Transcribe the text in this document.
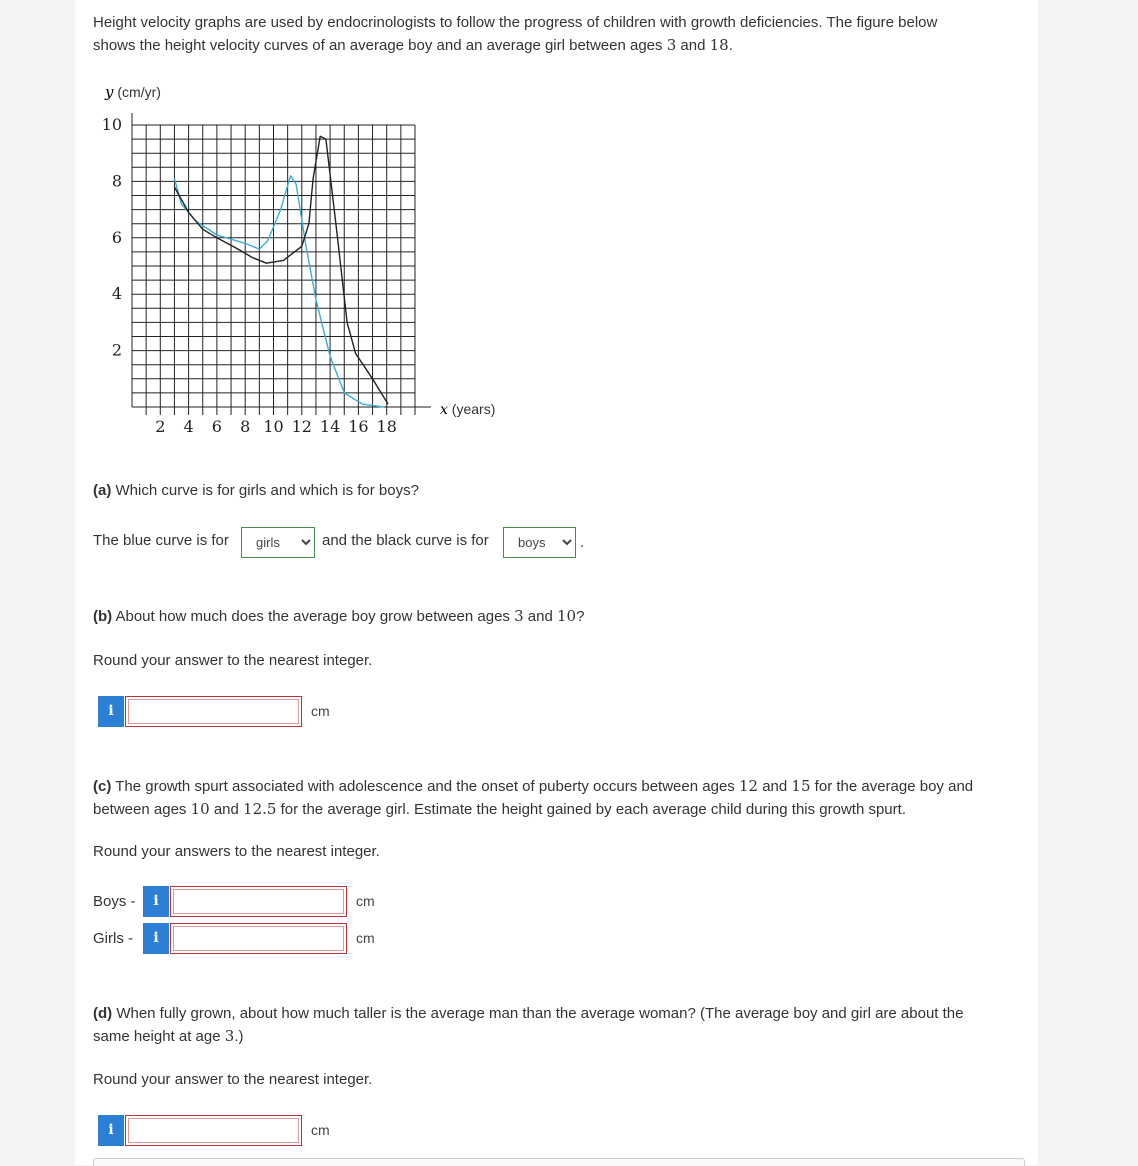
Height velocity graphs are used by endocrinologists to follow the progress of children with growth deficiencies. The figure below
shows the height velocity curves of an average boy and an average girl between ages 3 and 18.
y (cm/yr)
2
4
6
8
10
2 4 6 8 10 12 14 16 18
x (years)
(a) Which curve is for girls and which is for boys?
The blue curve is for
girls	and the black curve is for
boys	.
(b) About how much does the average boy grow between ages 3 and 10?
Round your answer to the nearest integer.
i	cm
(c) The growth spurt associated with adolescence and the onset of puberty occurs between ages 12 and 15 for the average boy and
between ages 10 and 12.5 for the average girl. Estimate the height gained by each average child during this growth spurt.
Round your answers to the nearest integer.
Boys -	i	cm
Girls -	i	cm
(d) When fully grown, about how much taller is the average man than the average woman? (The average boy and girl are about the
same height at age 3.)
Round your answer to the nearest integer.
i	cm
